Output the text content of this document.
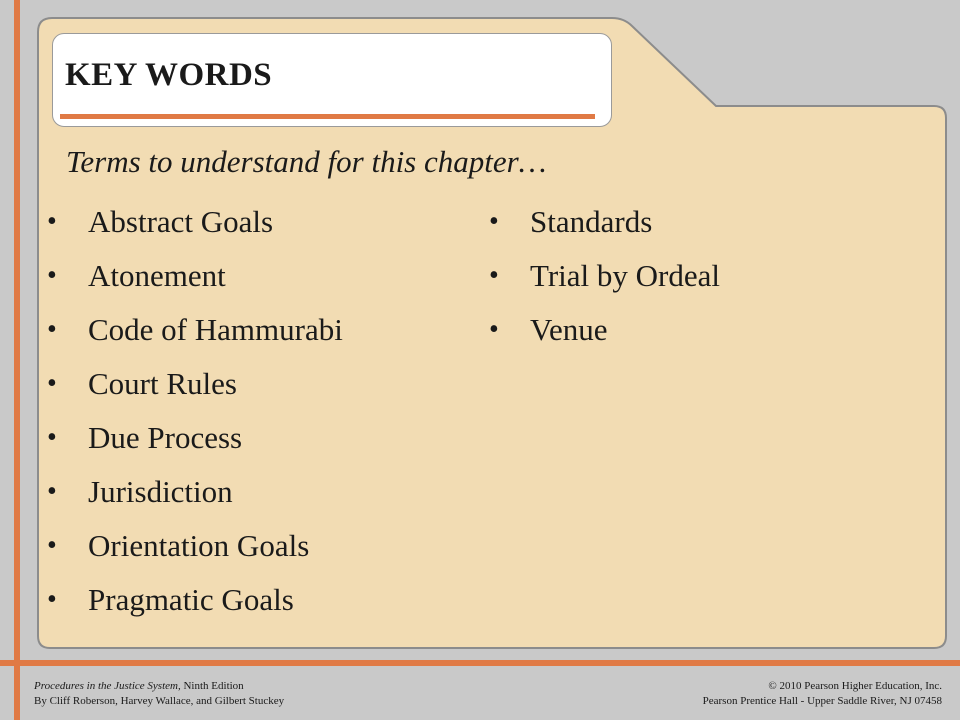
KEY WORDS

Terms to understand for this chapter…

• Abstract Goals
• Atonement
• Code of Hammurabi
• Court Rules
• Due Process
• Jurisdiction
• Orientation Goals
• Pragmatic Goals
• Standards
• Trial by Ordeal
• Venue
Procedures in the Justice System, Ninth Edition
By Cliff Roberson, Harvey Wallace, and Gilbert Stuckey
© 2010 Pearson Higher Education, Inc.
Pearson Prentice Hall - Upper Saddle River, NJ 07458
